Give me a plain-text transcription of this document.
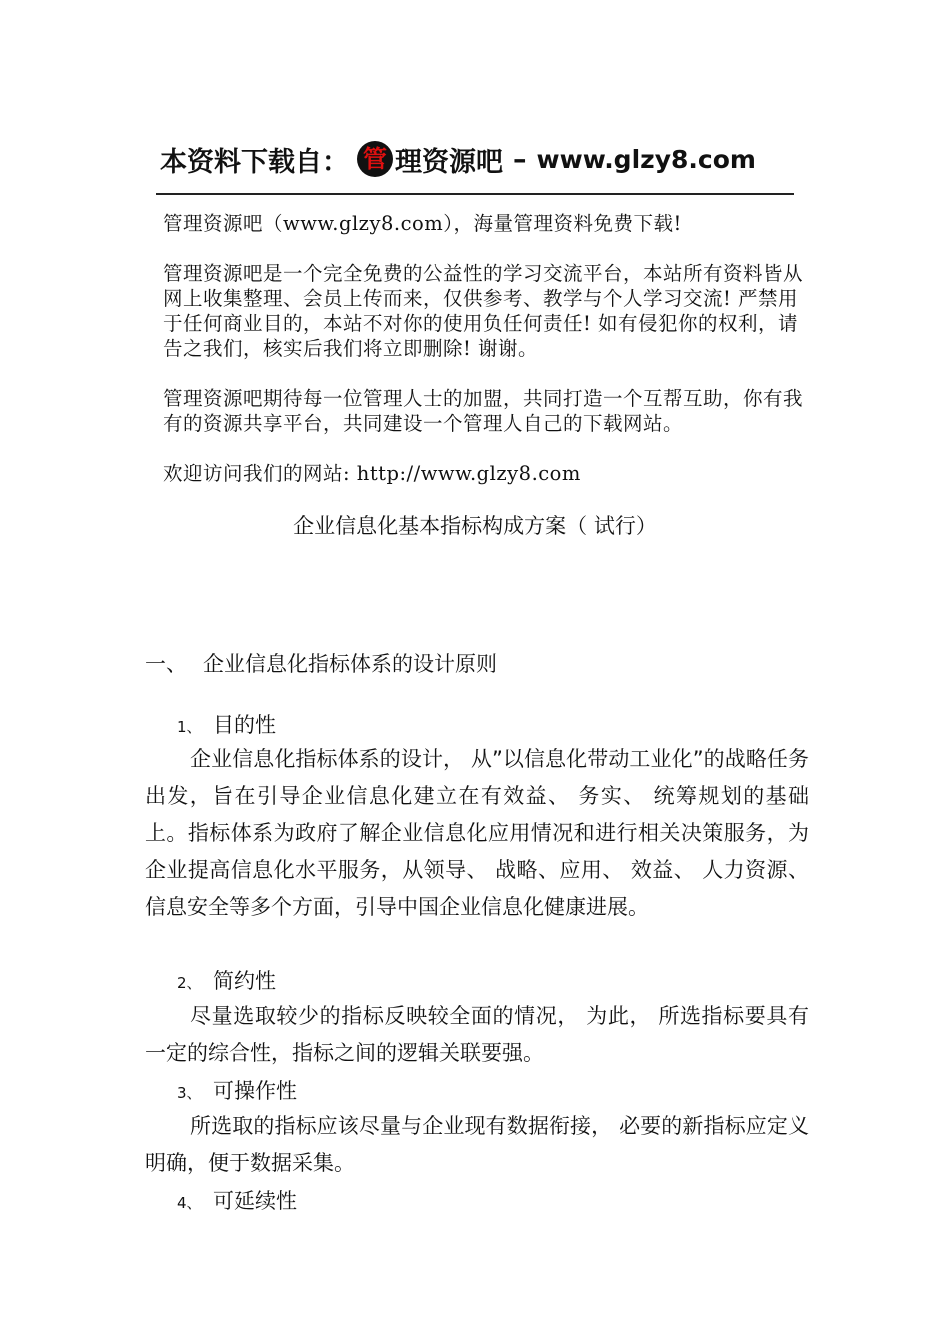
本资料下载自： 管 理资源吧 – www.glzy8.com

管理资源吧（www.glzy8.com），海量管理资料免费下载!

管理资源吧是一个完全免费的公益性的学习交流平台，本站所有资料皆从网上收集整理、会员上传而来，仅供参考、教学与个人学习交流! 严禁用于任何商业目的，本站不对你的使用负任何责任! 如有侵犯你的权利，请告之我们，核实后我们将立即删除! 谢谢。

管理资源吧期待每一位管理人士的加盟，共同打造一个互帮互助，你有我有的资源共享平台，共同建设一个管理人自己的下载网站。

欢迎访问我们的网站: http://www.glzy8.com

企业信息化基本指标构成方案（ 试行）
一、 企业信息化指标体系的设计原则
1、 目的性
企业信息化指标体系的设计， 从”以信息化带动工业化”的战略任务出发，旨在引导企业信息化建立在有效益、 务实、 统筹规划的基础上。指标体系为政府了解企业信息化应用情况和进行相关决策服务，为企业提高信息化水平服务，从领导、 战略、应用、 效益、 人力资源、 信息安全等多个方面，引导中国企业信息化健康进展。
2、 简约性
尽量选取较少的指标反映较全面的情况， 为此， 所选指标要具有一定的综合性，指标之间的逻辑关联要强。
3、 可操作性
所选取的指标应该尽量与企业现有数据衔接， 必要的新指标应定义明确，便于数据采集。
4、 可延续性
